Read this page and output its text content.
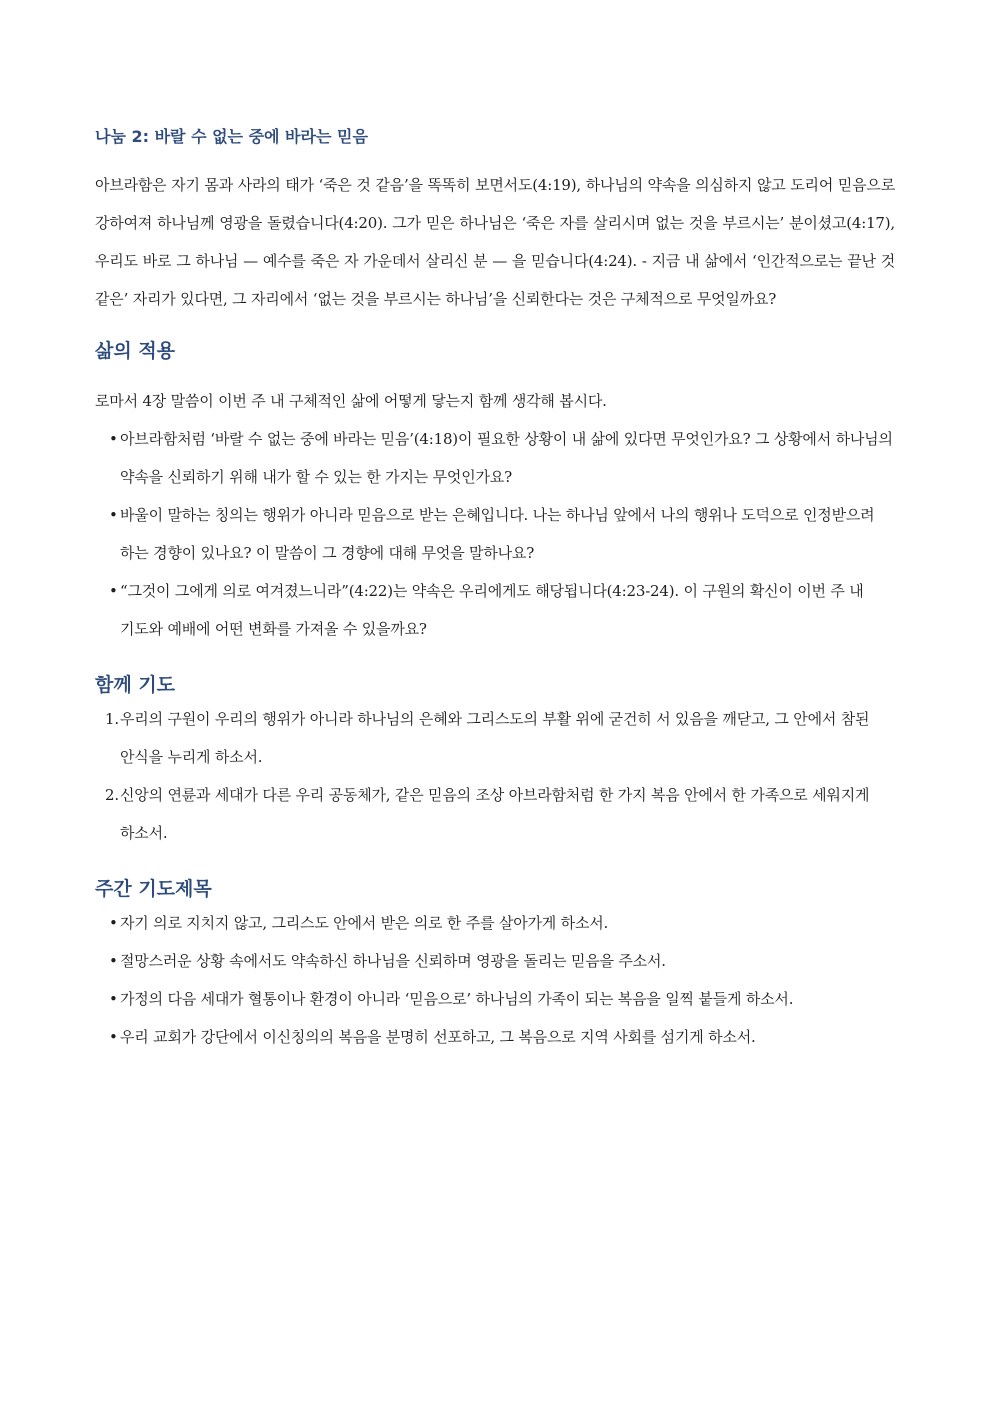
나눔 2: 바랄 수 없는 중에 바라는 믿음

아브라함은 자기 몸과 사라의 태가 ‘죽은 것 같음’을 똑똑히 보면서도(4:19), 하나님의 약속을 의심하지 않고 도리어 믿음으로 강하여져 하나님께 영광을 돌렸습니다(4:20). 그가 믿은 하나님은 ‘죽은 자를 살리시며 없는 것을 부르시는’ 분이셨고(4:17), 우리도 바로 그 하나님 — 예수를 죽은 자 가운데서 살리신 분 — 을 믿습니다(4:24). - 지금 내 삶에서 ‘인간적으로는 끝난 것 같은’ 자리가 있다면, 그 자리에서 ‘없는 것을 부르시는 하나님’을 신뢰한다는 것은 구체적으로 무엇일까요?

삶의 적용

로마서 4장 말씀이 이번 주 내 구체적인 삶에 어떻게 닿는지 함께 생각해 봅시다.

• 아브라함처럼 ‘바랄 수 없는 중에 바라는 믿음’(4:18)이 필요한 상황이 내 삶에 있다면 무엇인가요? 그 상황에서 하나님의 약속을 신뢰하기 위해 내가 할 수 있는 한 가지는 무엇인가요?
• 바울이 말하는 칭의는 행위가 아니라 믿음으로 받는 은혜입니다. 나는 하나님 앞에서 나의 행위나 도덕으로 인정받으려 하는 경향이 있나요? 이 말씀이 그 경향에 대해 무엇을 말하나요?
• “그것이 그에게 의로 여겨졌느니라”(4:22)는 약속은 우리에게도 해당됩니다(4:23-24). 이 구원의 확신이 이번 주 내 기도와 예배에 어떤 변화를 가져올 수 있을까요?
함께 기도
1. 우리의 구원이 우리의 행위가 아니라 하나님의 은혜와 그리스도의 부활 위에 굳건히 서 있음을 깨닫고, 그 안에서 참된 안식을 누리게 하소서.
2. 신앙의 연륜과 세대가 다른 우리 공동체가, 같은 믿음의 조상 아브라함처럼 한 가지 복음 안에서 한 가족으로 세워지게 하소서.
주간 기도제목
• 자기 의로 지치지 않고, 그리스도 안에서 받은 의로 한 주를 살아가게 하소서.
• 절망스러운 상황 속에서도 약속하신 하나님을 신뢰하며 영광을 돌리는 믿음을 주소서.
• 가정의 다음 세대가 혈통이나 환경이 아니라 ‘믿음으로’ 하나님의 가족이 되는 복음을 일찍 붙들게 하소서.
• 우리 교회가 강단에서 이신칭의의 복음을 분명히 선포하고, 그 복음으로 지역 사회를 섬기게 하소서.
